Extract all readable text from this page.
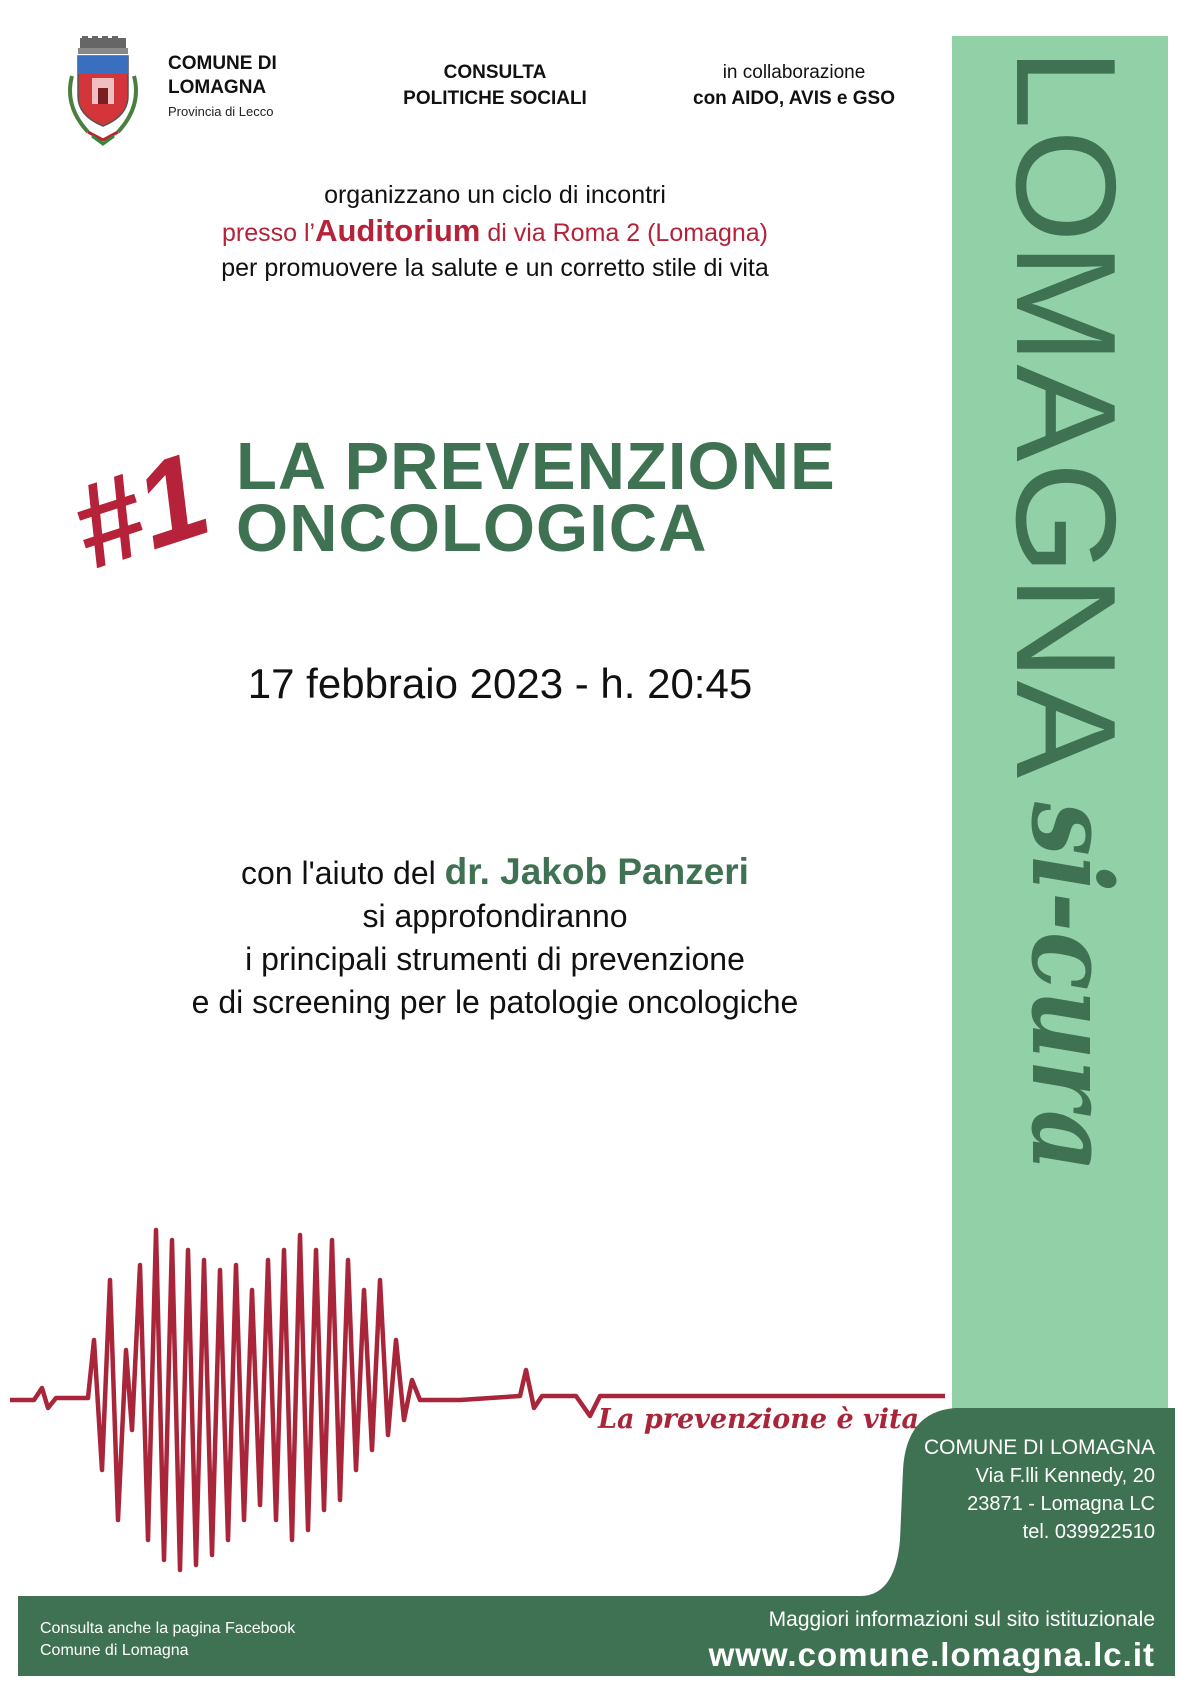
COMUNE DI
LOMAGNA
Provincia di Lecco
CONSULTA
POLITICHE SOCIALI
in collaborazione
con AIDO, AVIS e GSO
organizzano un ciclo di incontri
presso l’Auditorium di via Roma 2 (Lomagna)
per promuovere la salute e un corretto stile di vita
#1 LA PREVENZIONE
ONCOLOGICA
17 febbraio 2023 - h. 20:45
con l'aiuto del dr. Jakob Panzeri
si approfondiranno
i principali strumenti di prevenzione
e di screening per le patologie oncologiche
LOMAGNA
si-cura
La prevenzione è vita
COMUNE DI LOMAGNA
Via F.lli Kennedy, 20
23871 - Lomagna LC
tel. 039922510
Consulta anche la pagina Facebook
Comune di Lomagna
Maggiori informazioni sul sito istituzionale
www.comune.lomagna.lc.it
